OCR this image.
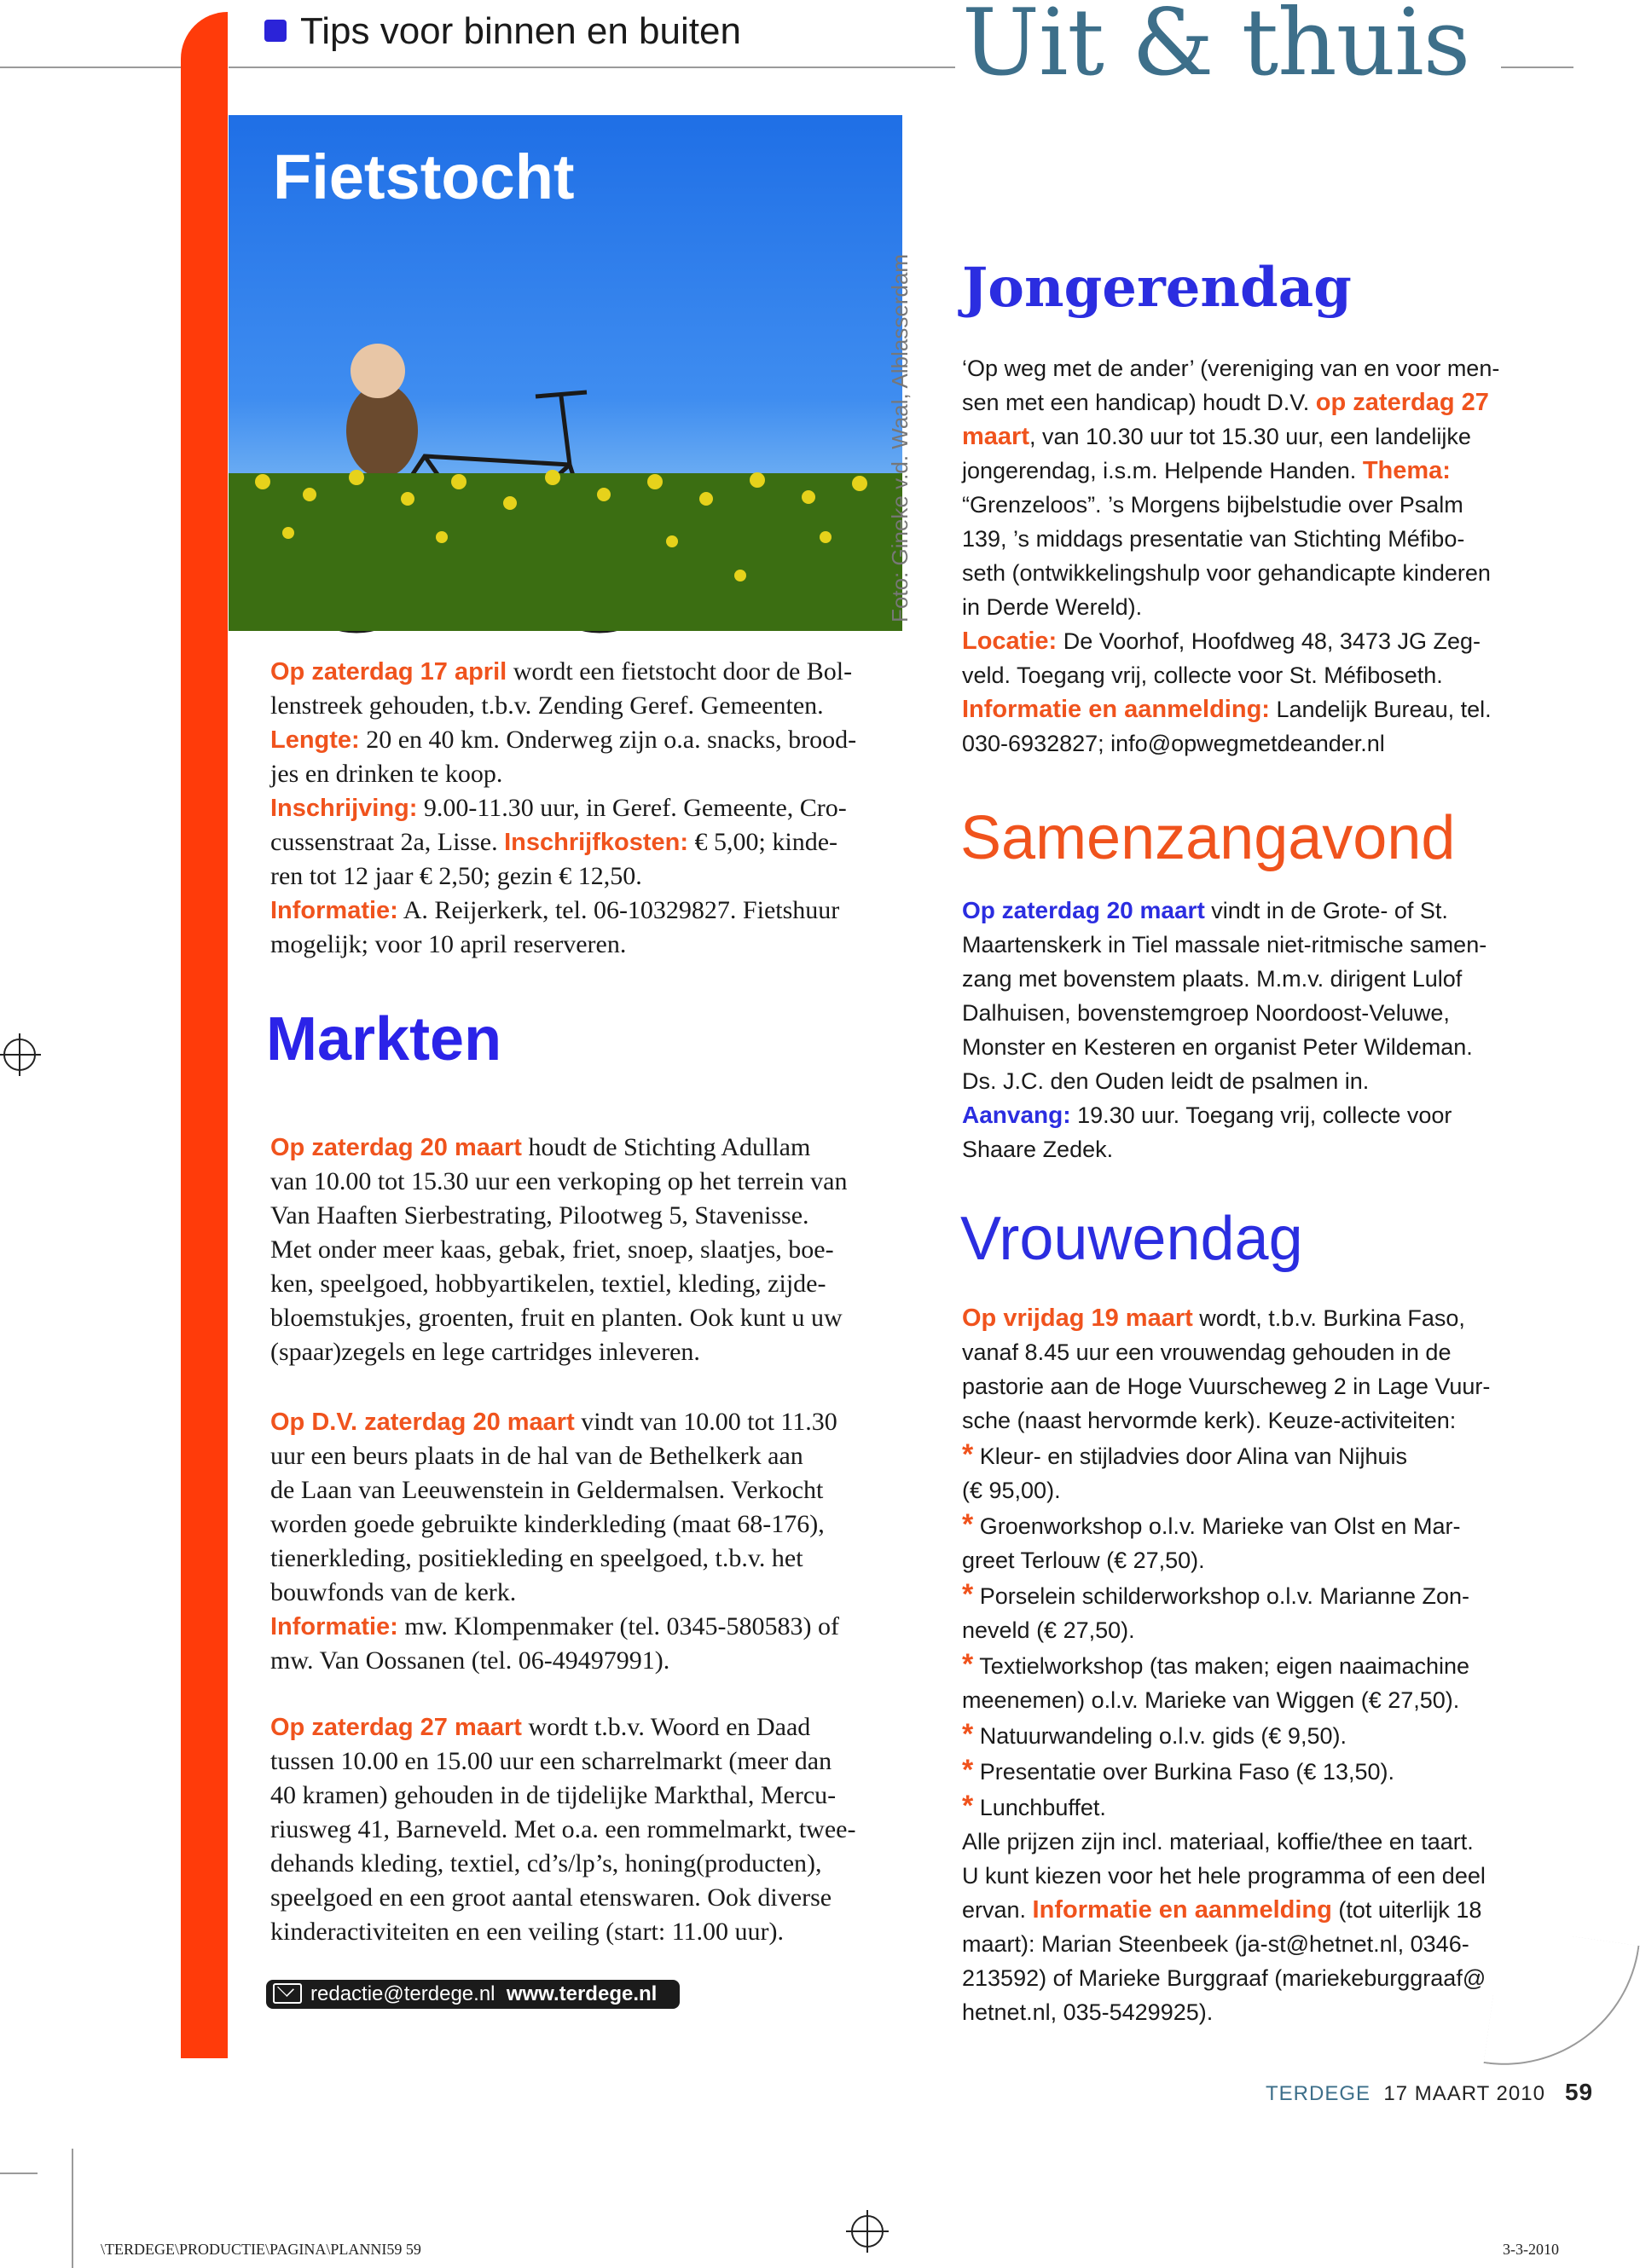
Tips voor binnen en buiten Uit & thuis
Fietstocht
Foto: Gineke v.d. Waal, Alblasserdam
Op zaterdag 17 april wordt een fietstocht door de Bol-
lenstreek gehouden, t.b.v. Zending Geref. Gemeenten.
Lengte: 20 en 40 km. Onderweg zijn o.a. snacks, brood-
jes en drinken te koop.
Inschrijving: 9.00-11.30 uur, in Geref. Gemeente, Cro-
cussenstraat 2a, Lisse. Inschrijfkosten: € 5,00; kinde-
ren tot 12 jaar € 2,50; gezin € 12,50.
Informatie: A. Reijerkerk, tel. 06-10329827. Fietshuur
mogelijk; voor 10 april reserveren.
Markten
Op zaterdag 20 maart houdt de Stichting Adullam
van 10.00 tot 15.30 uur een verkoping op het terrein van
Van Haaften Sierbestrating, Pilootweg 5, Stavenisse.
Met onder meer kaas, gebak, friet, snoep, slaatjes, boe-
ken, speelgoed, hobbyartikelen, textiel, kleding, zijde-
bloemstukjes, groenten, fruit en planten. Ook kunt u uw
(spaar)zegels en lege cartridges inleveren.
Op D.V. zaterdag 20 maart vindt van 10.00 tot 11.30
uur een beurs plaats in de hal van de Bethelkerk aan
de Laan van Leeuwenstein in Geldermalsen. Verkocht
worden goede gebruikte kinderkleding (maat 68-176),
tienerkleding, positiekleding en speelgoed, t.b.v. het
bouwfonds van de kerk.
Informatie: mw. Klompenmaker (tel. 0345-580583) of
mw. Van Oossanen (tel. 06-49497991).
Op zaterdag 27 maart wordt t.b.v. Woord en Daad
tussen 10.00 en 15.00 uur een scharrelmarkt (meer dan
40 kramen) gehouden in de tijdelijke Markthal, Mercu-
riusweg 41, Barneveld. Met o.a. een rommelmarkt, twee-
dehands kleding, textiel, cd’s/lp’s, honing(producten),
speelgoed en een groot aantal etenswaren. Ook diverse
kinderactiviteiten en een veiling (start: 11.00 uur).
redactie@terdege.nl www.terdege.nl
Jongerendag
‘Op weg met de ander’ (vereniging van en voor men-
sen met een handicap) houdt D.V. op zaterdag 27
maart, van 10.30 uur tot 15.30 uur, een landelijke
jongerendag, i.s.m. Helpende Handen. Thema:
“Grenzeloos”. ’s Morgens bijbelstudie over Psalm
139, ’s middags presentatie van Stichting Méfibo-
seth (ontwikkelingshulp voor gehandicapte kinderen
in Derde Wereld).
Locatie: De Voorhof, Hoofdweg 48, 3473 JG Zeg-
veld. Toegang vrij, collecte voor St. Méfiboseth.
Informatie en aanmelding: Landelijk Bureau, tel.
030-6932827; info@opwegmetdeander.nl
Samenzangavond
Op zaterdag 20 maart vindt in de Grote- of St.
Maartenskerk in Tiel massale niet-ritmische samen-
zang met bovenstem plaats. M.m.v. dirigent Lulof
Dalhuisen, bovenstemgroep Noordoost-Veluwe,
Monster en Kesteren en organist Peter Wildeman.
Ds. J.C. den Ouden leidt de psalmen in.
Aanvang: 19.30 uur. Toegang vrij, collecte voor
Shaare Zedek.
Vrouwendag
Op vrijdag 19 maart wordt, t.b.v. Burkina Faso,
vanaf 8.45 uur een vrouwendag gehouden in de
pastorie aan de Hoge Vuurscheweg 2 in Lage Vuur-
sche (naast hervormde kerk). Keuze-activiteiten:
* Kleur- en stijladvies door Alina van Nijhuis
(€ 95,00).
* Groenworkshop o.l.v. Marieke van Olst en Mar-
greet Terlouw (€ 27,50).
* Porselein schilderworkshop o.l.v. Marianne Zon-
neveld (€ 27,50).
* Textielworkshop (tas maken; eigen naaimachine
meenemen) o.l.v. Marieke van Wiggen (€ 27,50).
* Natuurwandeling o.l.v. gids (€ 9,50).
* Presentatie over Burkina Faso (€ 13,50).
* Lunchbuffet.
Alle prijzen zijn incl. materiaal, koffie/thee en taart.
U kunt kiezen voor het hele programma of een deel
ervan. Informatie en aanmelding (tot uiterlijk 18
maart): Marian Steenbeek (ja-st@hetnet.nl, 0346-
213592) of Marieke Burggraaf (mariekeburggraaf@
hetnet.nl, 035-5429925).
TERDEGE 17 MAART 2010 59
\TERDEGE\PRODUCTIE\PAGINA\PLANNI59 59	3-3-2010
